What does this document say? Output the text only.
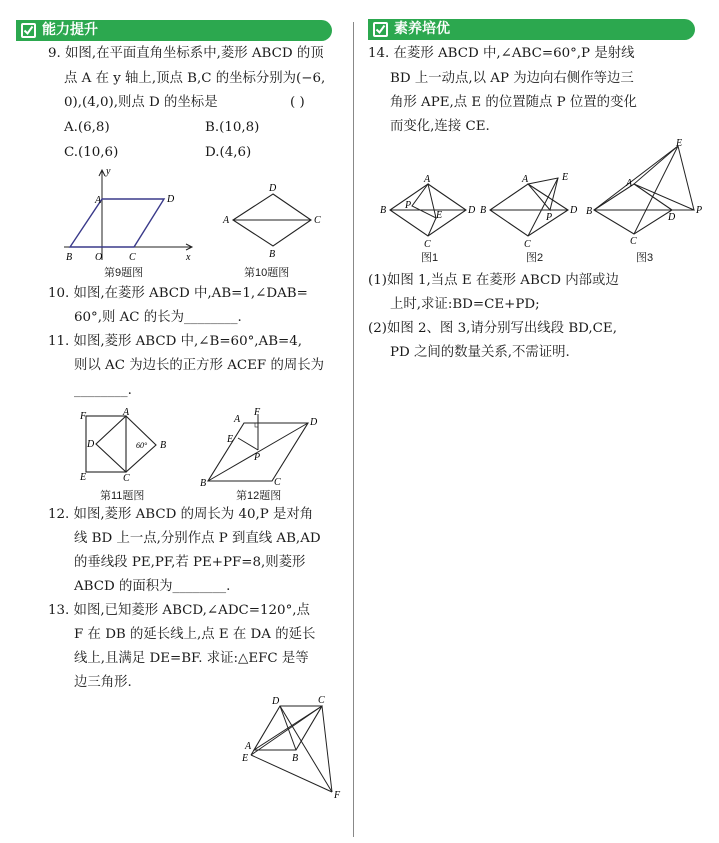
能力提升
9. 如图,在平面直角坐标系中,菱形 ABCD 的顶
点 A 在 y 轴上,顶点 B,C 的坐标分别为(−6,
0),(4,0),则点 D 的坐标是	( )
A.(6,8)	B.(10,8)
C.(10,6)	D.(4,6)
y
x
A	D
B O	C
第9题图
D
C
B
A
第10题图
10. 如图,在菱形 ABCD 中,AB=1,∠DAB=
60°,则 AC 的长为________.
11. 如图,菱形 ABCD 中,∠B=60°,AB=4,
则以 AC 为边长的正方形 ACEF 的周长为
________.
F	A
D	60° B
E	C
第11题图
A
F
D
E
P
B	C
第12题图
12. 如图,菱形 ABCD 的周长为 40,P 是对角
线 BD 上一点,分别作点 P 到直线 AB,AD
的垂线段 PE,PF,若 PE+PF=8,则菱形
ABCD 的面积为________.
13. 如图,已知菱形 ABCD,∠ADC=120°,点
F 在 DB 的延长线上,点 E 在 DA 的延长
线上,且满足 DE=BF. 求证:△EFC 是等
边三角形.
D	C
A
E	B
F
素养培优
14. 在菱形 ABCD 中,∠ABC=60°,P 是射线
BD 上一动点,以 AP 为边向右侧作等边三
角形 APE,点 E 的位置随点 P 位置的变化
而变化,连接 CE.
A
B P
E	D
C
图1
A	E
B
P
D
C
图2
A
E
B
D
P
C
图3
(1)如图 1,当点 E 在菱形 ABCD 内部或边
上时,求证:BD=CE+PD;
(2)如图 2、图 3,请分别写出线段 BD,CE,
PD 之间的数量关系,不需证明.
